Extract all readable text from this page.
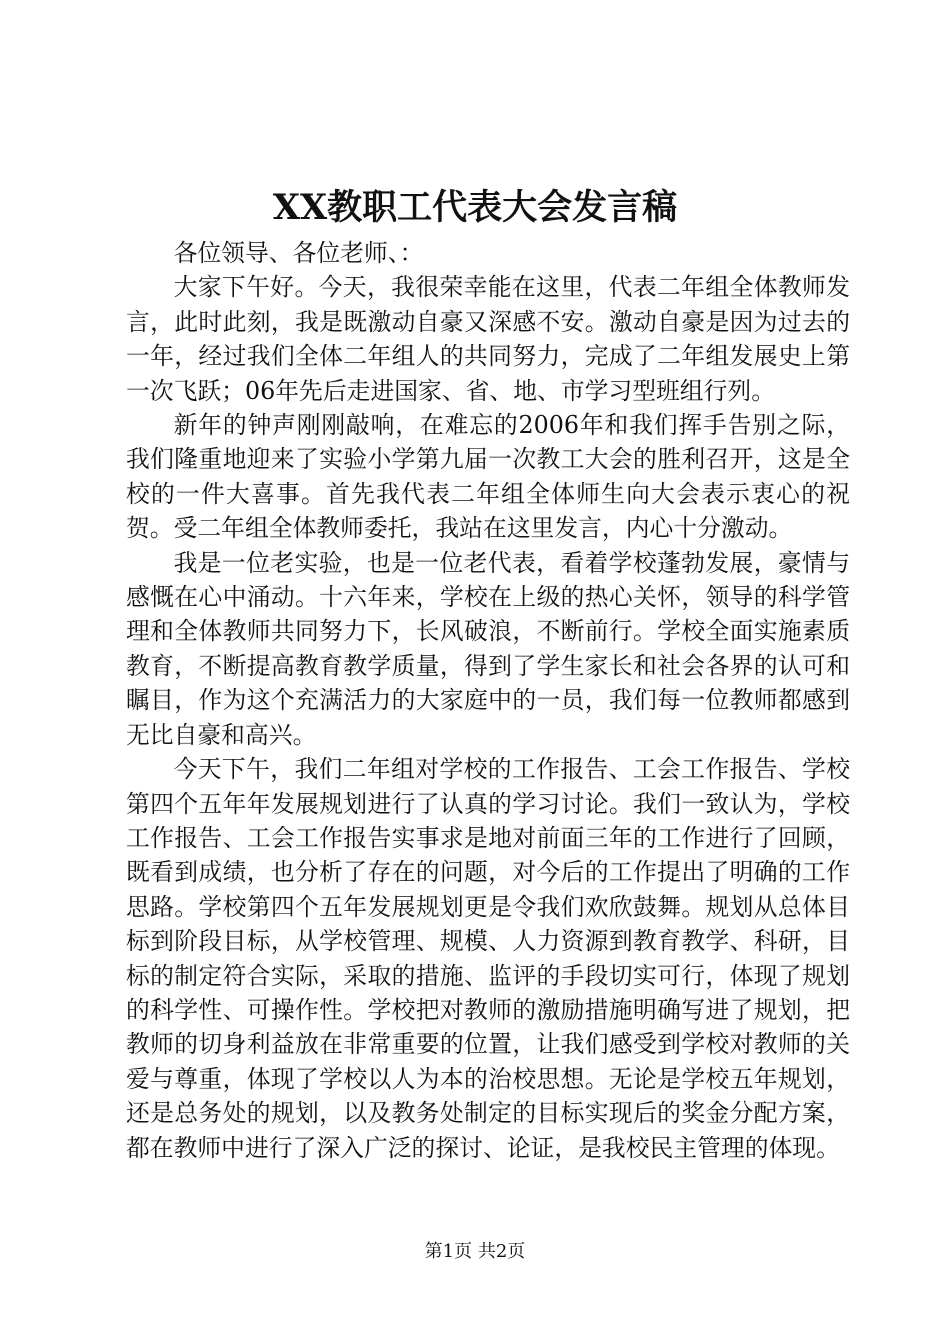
XX教职工代表大会发言稿

各位领导、各位老师、：

大家下午好。今天，我很荣幸能在这里，代表二年组全体教师发言，此时此刻，我是既激动自豪又深感不安。激动自豪是因为过去的一年，经过我们全体二年组人的共同努力，完成了二年组发展史上第一次飞跃；06年先后走进国家、省、地、市学习型班组行列。

新年的钟声刚刚敲响，在难忘的2006年和我们挥手告别之际，我们隆重地迎来了实验小学第九届一次教工大会的胜利召开，这是全校的一件大喜事。首先我代表二年组全体师生向大会表示衷心的祝贺。受二年组全体教师委托，我站在这里发言，内心十分激动。

我是一位老实验，也是一位老代表，看着学校蓬勃发展，豪情与感慨在心中涌动。十六年来，学校在上级的热心关怀，领导的科学管理和全体教师共同努力下，长风破浪，不断前行。学校全面实施素质教育，不断提高教育教学质量，得到了学生家长和社会各界的认可和瞩目，作为这个充满活力的大家庭中的一员，我们每一位教师都感到无比自豪和高兴。

今天下午，我们二年组对学校的工作报告、工会工作报告、学校第四个五年年发展规划进行了认真的学习讨论。我们一致认为，学校工作报告、工会工作报告实事求是地对前面三年的工作进行了回顾，既看到成绩，也分析了存在的问题，对今后的工作提出了明确的工作思路。学校第四个五年发展规划更是令我们欢欣鼓舞。规划从总体目标到阶段目标，从学校管理、规模、人力资源到教育教学、科研，目标的制定符合实际，采取的措施、监评的手段切实可行，体现了规划的科学性、可操作性。学校把对教师的激励措施明确写进了规划，把教师的切身利益放在非常重要的位置，让我们感受到学校对教师的关爱与尊重，体现了学校以人为本的治校思想。无论是学校五年规划，还是总务处的规划，以及教务处制定的目标实现后的奖金分配方案，都在教师中进行了深入广泛的探讨、论证，是我校民主管理的体现。

第1页 共2页
